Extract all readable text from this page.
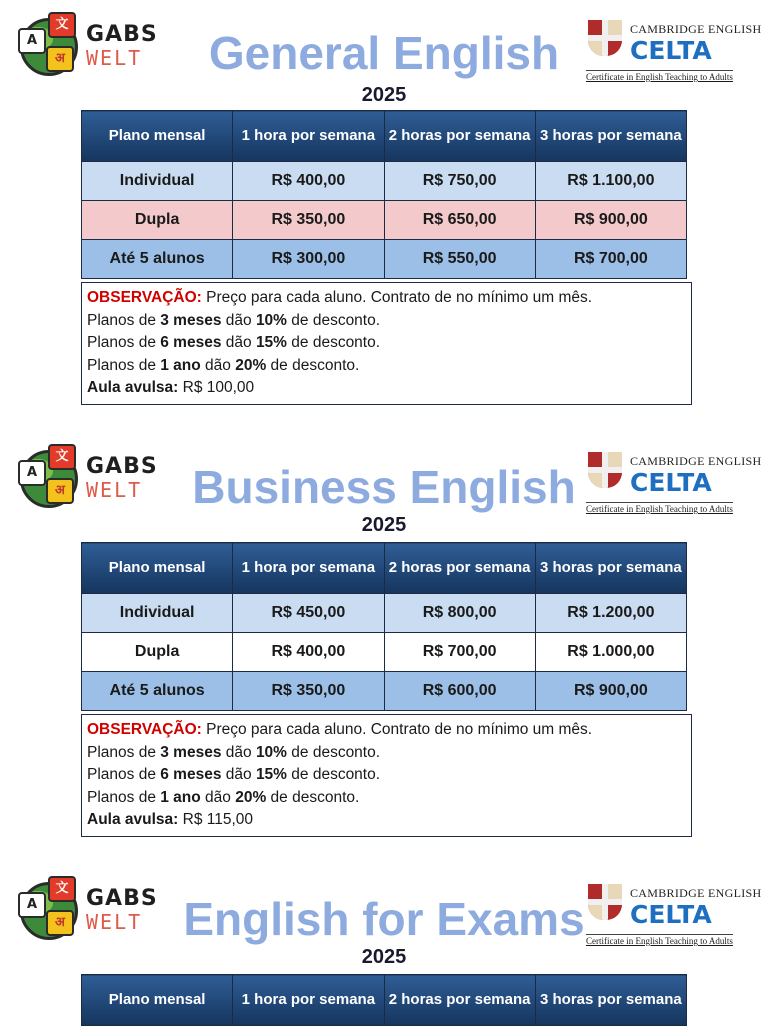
A
文
अ
GABS
WELT	General English	CAMBRIDGE ENGLISH
CELTA
Certificate in English Teaching to Adults
2025
Plano mensal	1 hora por semana	2 horas por semana	3 horas por semana
Individual	R$ 400,00	R$ 750,00	R$ 1.100,00
Dupla	R$ 350,00	R$ 650,00	R$ 900,00
Até 5 alunos	R$ 300,00	R$ 550,00	R$ 700,00
OBSERVAÇÃO: Preço para cada aluno. Contrato de no mínimo um mês.
Planos de 3 meses dão 10% de desconto.
Planos de 6 meses dão 15% de desconto.
Planos de 1 ano dão 20% de desconto.
Aula avulsa: R$ 100,00
A
文
अ
GABS
WELT	Business English	CAMBRIDGE ENGLISH
CELTA
Certificate in English Teaching to Adults
2025
Plano mensal	1 hora por semana	2 horas por semana	3 horas por semana
Individual	R$ 450,00	R$ 800,00	R$ 1.200,00
Dupla	R$ 400,00	R$ 700,00	R$ 1.000,00
Até 5 alunos	R$ 350,00	R$ 600,00	R$ 900,00
OBSERVAÇÃO: Preço para cada aluno. Contrato de no mínimo um mês.
Planos de 3 meses dão 10% de desconto.
Planos de 6 meses dão 15% de desconto.
Planos de 1 ano dão 20% de desconto.
Aula avulsa: R$ 115,00
A
文
अ
GABS
WELT English for Exams	CAMBRIDGE ENGLISH
CELTA
Certificate in English Teaching to Adults
2025
Plano mensal	1 hora por semana	2 horas por semana	3 horas por semana
